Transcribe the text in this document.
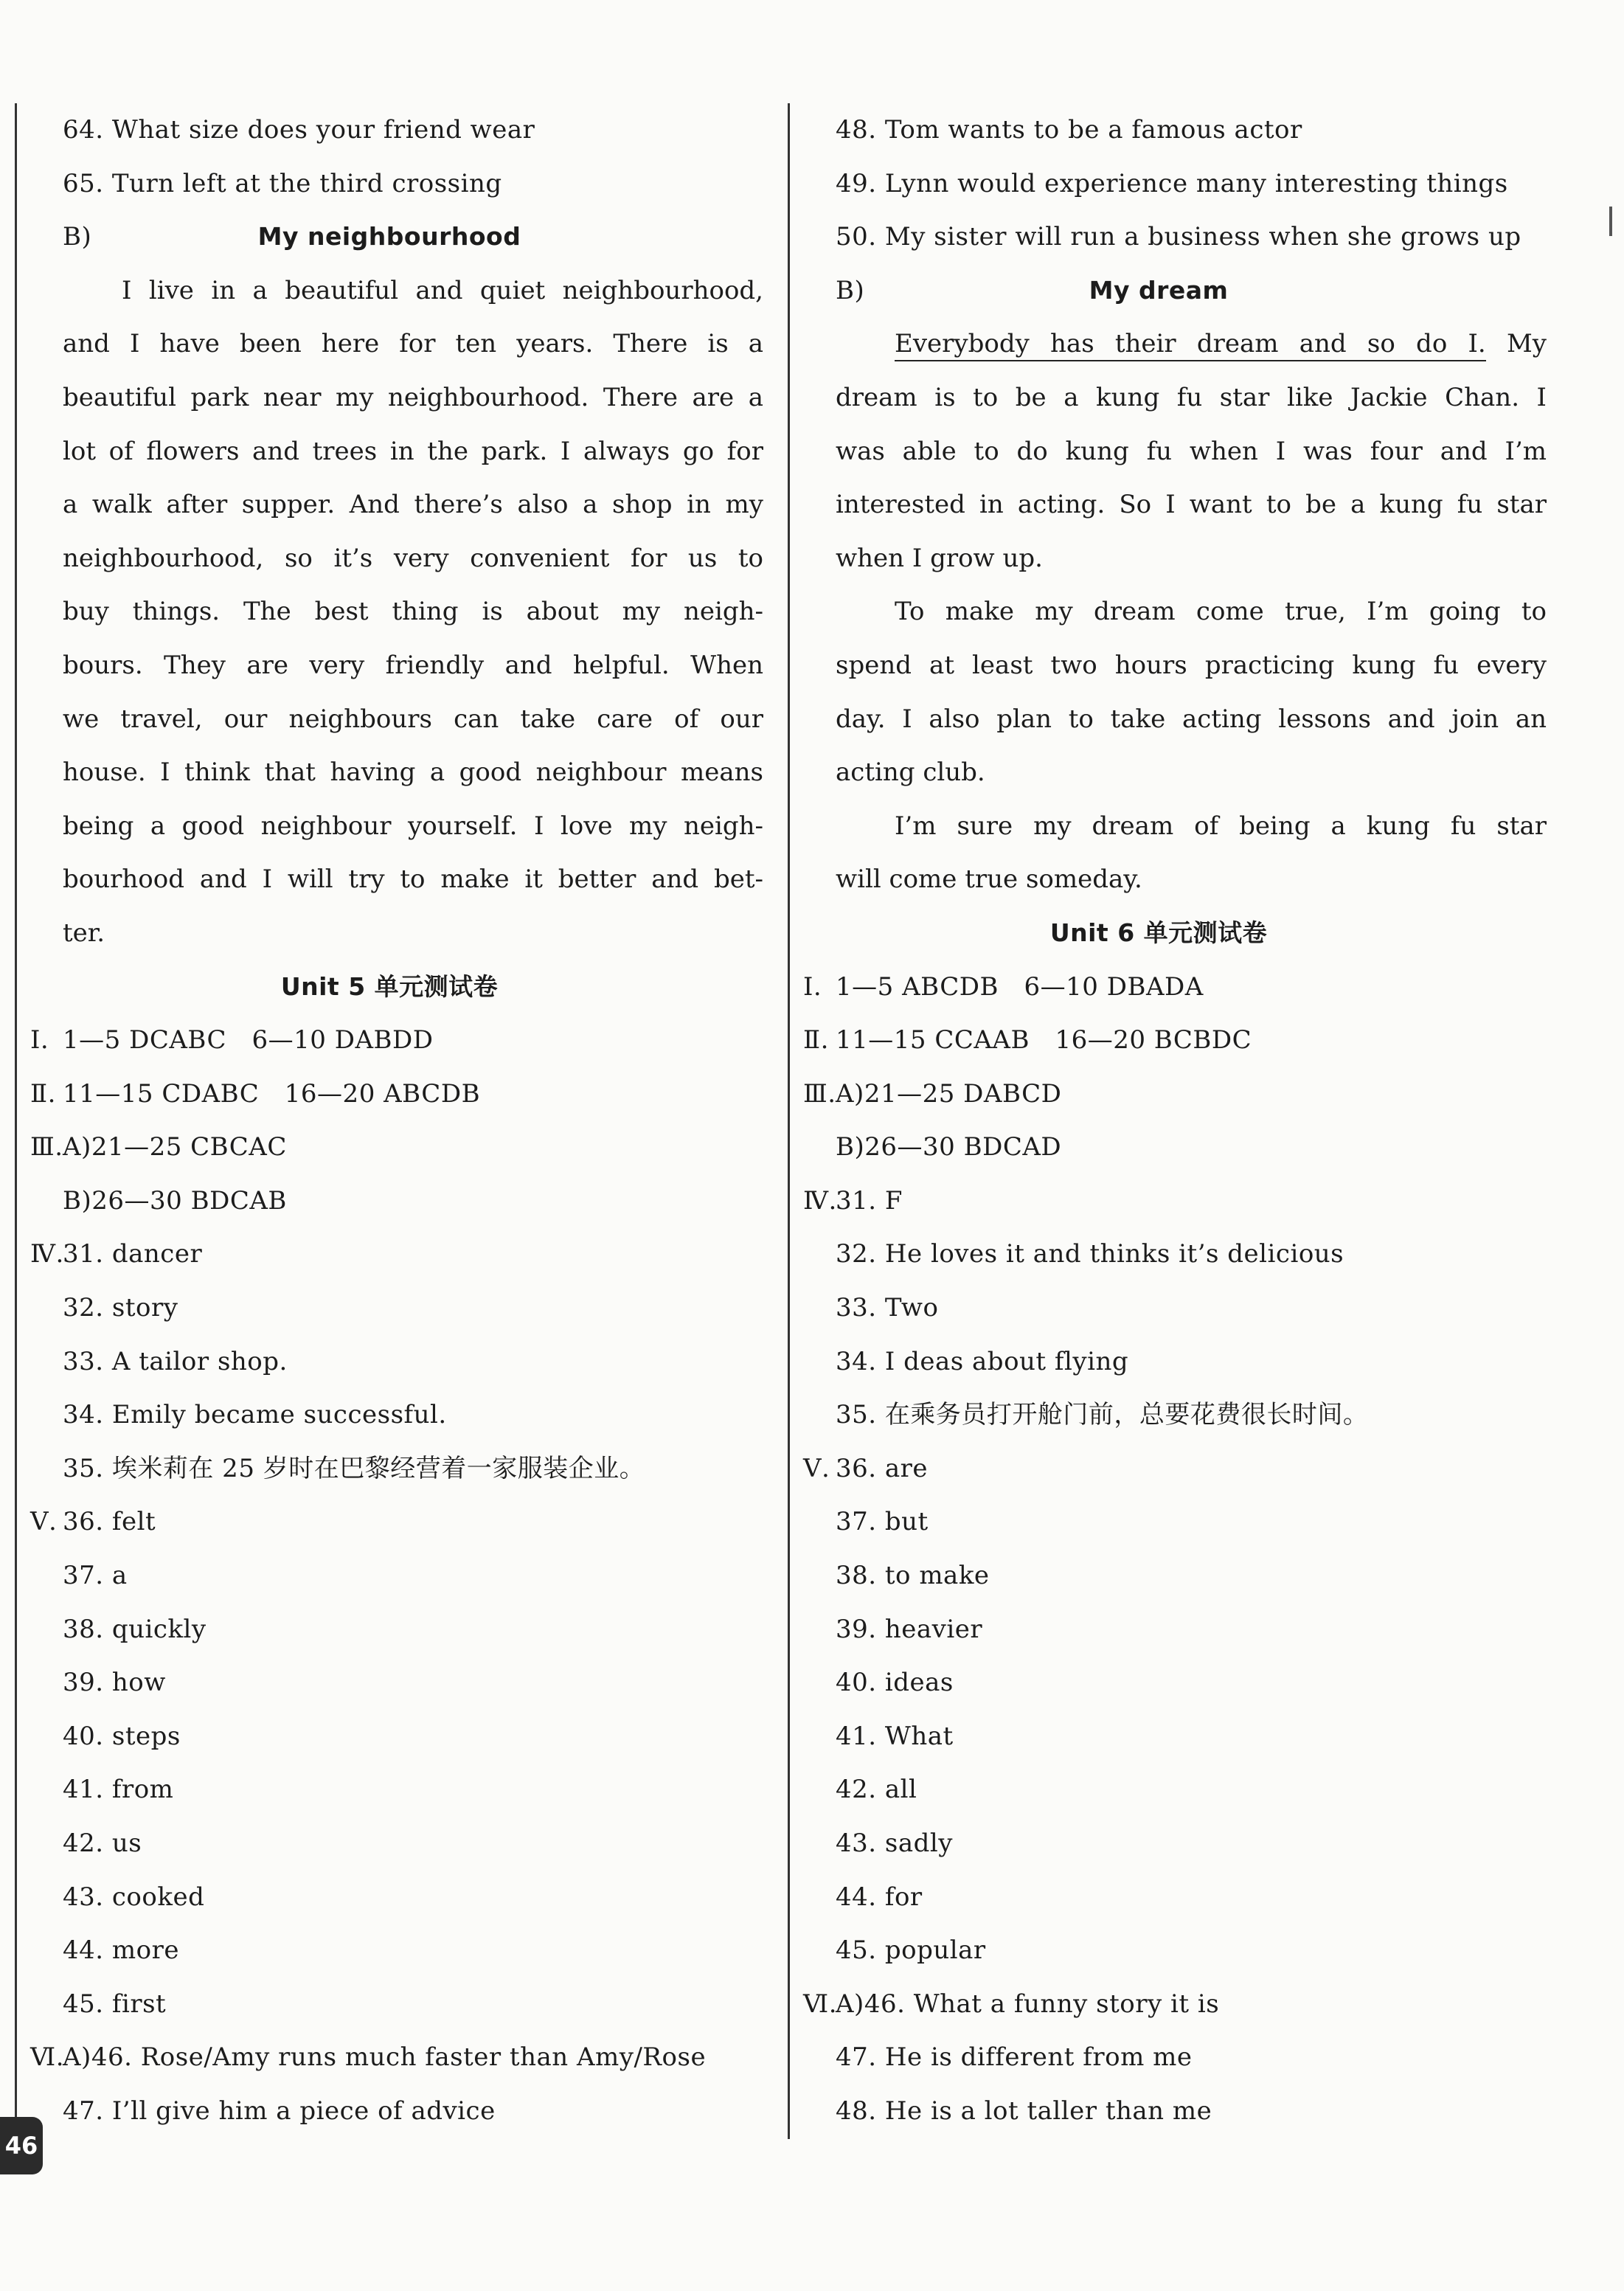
64. What size does your friend wear
65. Turn left at the third crossing
B)	My neighbourhood
I live in a beautiful and quiet neighbourhood,
and I have been here for ten years. There is a
beautiful park near my neighbourhood. There are a
lot of flowers and trees in the park. I always go for
a walk after supper. And there’s also a shop in my
neighbourhood, so it’s very convenient for us to
buy things. The best thing is about my neigh-
bours. They are very friendly and helpful. When
we travel, our neighbours can take care of our
house. I think that having a good neighbour means
being a good neighbour yourself. I love my neigh-
bourhood and I will try to make it better and bet-
ter.
Unit 5 单元测试卷
Ⅰ. 1—5 DCABC　6—10 DABDD
Ⅱ. 11—15 CDABC　16—20 ABCDB
Ⅲ.A)21—25 CBCAC
B)26—30 BDCAB
Ⅳ.31. dancer
32. story
33. A tailor shop.
34. Emily became successful.
35. 埃米莉在 25 岁时在巴黎经营着一家服装企业。
Ⅴ. 36. felt
37. a
38. quickly
39. how
40. steps
41. from
42. us
43. cooked
44. more
45. first
Ⅵ.A)46. Rose/Amy runs much faster than Amy/Rose
47. I’ll give him a piece of advice
48. Tom wants to be a famous actor
49. Lynn would experience many interesting things
50. My sister will run a business when she grows up
B)	My dream
Everybody has their dream and so do I. My
dream is to be a kung fu star like Jackie Chan. I
was able to do kung fu when I was four and I’m
interested in acting. So I want to be a kung fu star
when I grow up.
To make my dream come true, I’m going to
spend at least two hours practicing kung fu every
day. I also plan to take acting lessons and join an
acting club.
I’m sure my dream of being a kung fu star
will come true someday.
Unit 6 单元测试卷
Ⅰ. 1—5 ABCDB　6—10 DBADA
Ⅱ. 11—15 CCAAB　16—20 BCBDC
Ⅲ.A)21—25 DABCD
B)26—30 BDCAD
Ⅳ.31. F
32. He loves it and thinks it’s delicious
33. Two
34. I deas about flying
35. 在乘务员打开舱门前，总要花费很长时间。
Ⅴ. 36. are
37. but
38. to make
39. heavier
40. ideas
41. What
42. all
43. sadly
44. for
45. popular
Ⅵ.A)46. What a funny story it is
47. He is different from me
48. He is a lot taller than me
46
